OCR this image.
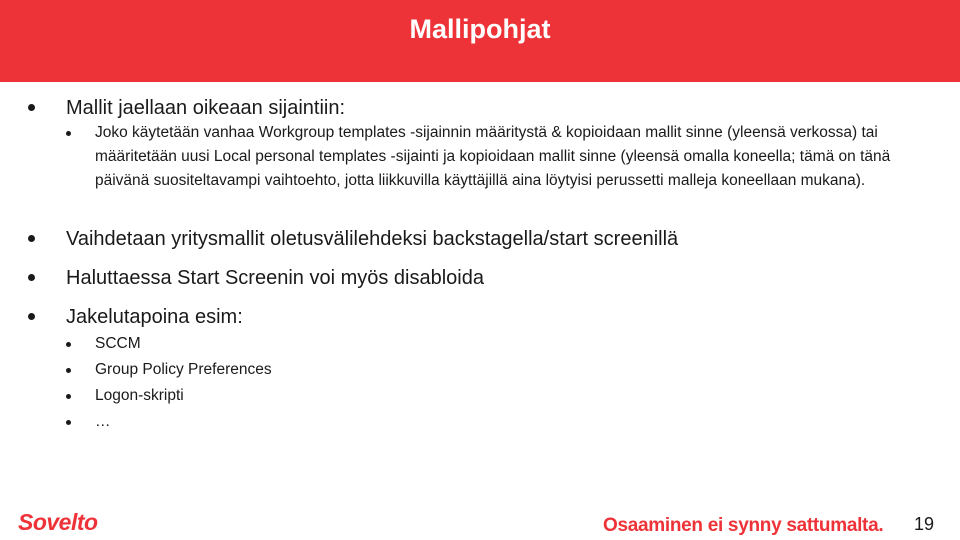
Mallipohjat
Mallit jaellaan oikeaan sijaintiin:
Joko käytetään vanhaa Workgroup templates -sijainnin määritystä & kopioidaan mallit sinne (yleensä verkossa) tai määritetään uusi Local personal templates -sijainti ja kopioidaan mallit sinne (yleensä omalla koneella; tämä on tänä päivänä suositeltavampi vaihtoehto, jotta liikkuvilla käyttäjillä aina löytyisi perussetti malleja koneellaan mukana).
Vaihdetaan yritysmallit oletusvälilehdeksi backstagella/start screenillä
Haluttaessa Start Screenin voi myös disabloida
Jakelutapoina esim:
SCCM
Group Policy Preferences
Logon-skripti
…
Sovelto	Osaaminen ei synny sattumalta. 19
